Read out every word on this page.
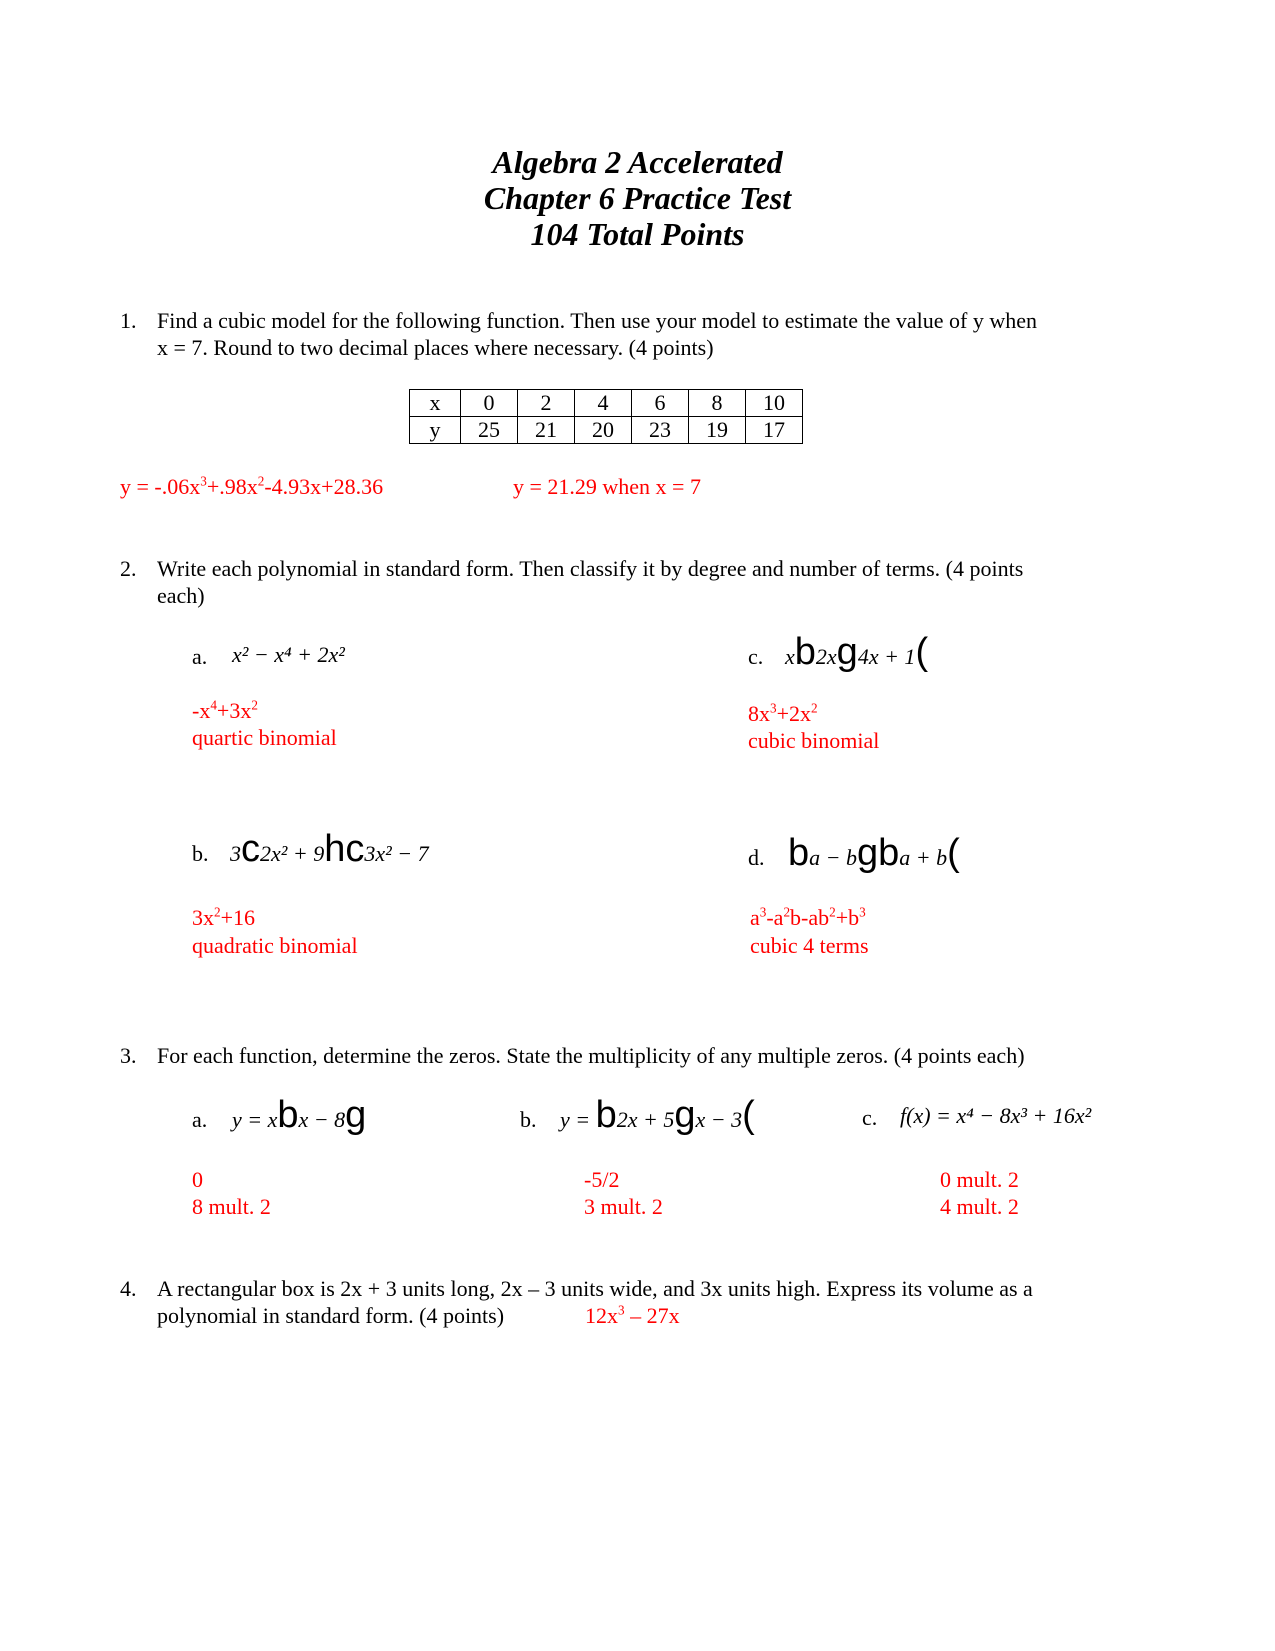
Algebra 2 Accelerated
Chapter 6 Practice Test
104 Total Points
1. Find a cubic model for the following function. Then use your model to estimate the value of y when
x = 7. Round to two decimal places where necessary. (4 points)
x	0	2	4	6	8	10
y	25	21	20	23	19	17
$y = -.06x^3+.98x^2-4.93x+28.36$	y = 21.29 when x = 7
2. Write each polynomial in standard form. Then classify it by degree and number of terms. (4 points
each)
a. x² − x⁴ + 2x²
$-x^4+3x^2$
quartic binomial
c. xb2xg4x + 1(
$8x^3+2x^2$
cubic binomial
b. 3c2x² + 9hc3x² − 7
$3x^2+16$
quadratic binomial
d. ba − bgba + b(
$a^3-a^2b-ab^2+b^3$
cubic 4 terms
3. For each function, determine the zeros. State the multiplicity of any multiple zeros. (4 points each)
a. y = xbx − 8g	b. y = b2x + 5gx − 3(	c. f(x) = x⁴ − 8x³ + 16x²
0
8 mult. 2
-5/2
3 mult. 2
0 mult. 2
4 mult. 2
4. A rectangular box is 2x + 3 units long, 2x – 3 units wide, and 3x units high. Express its volume as a
polynomial in standard form. (4 points)	$12x^3 - 27x$
